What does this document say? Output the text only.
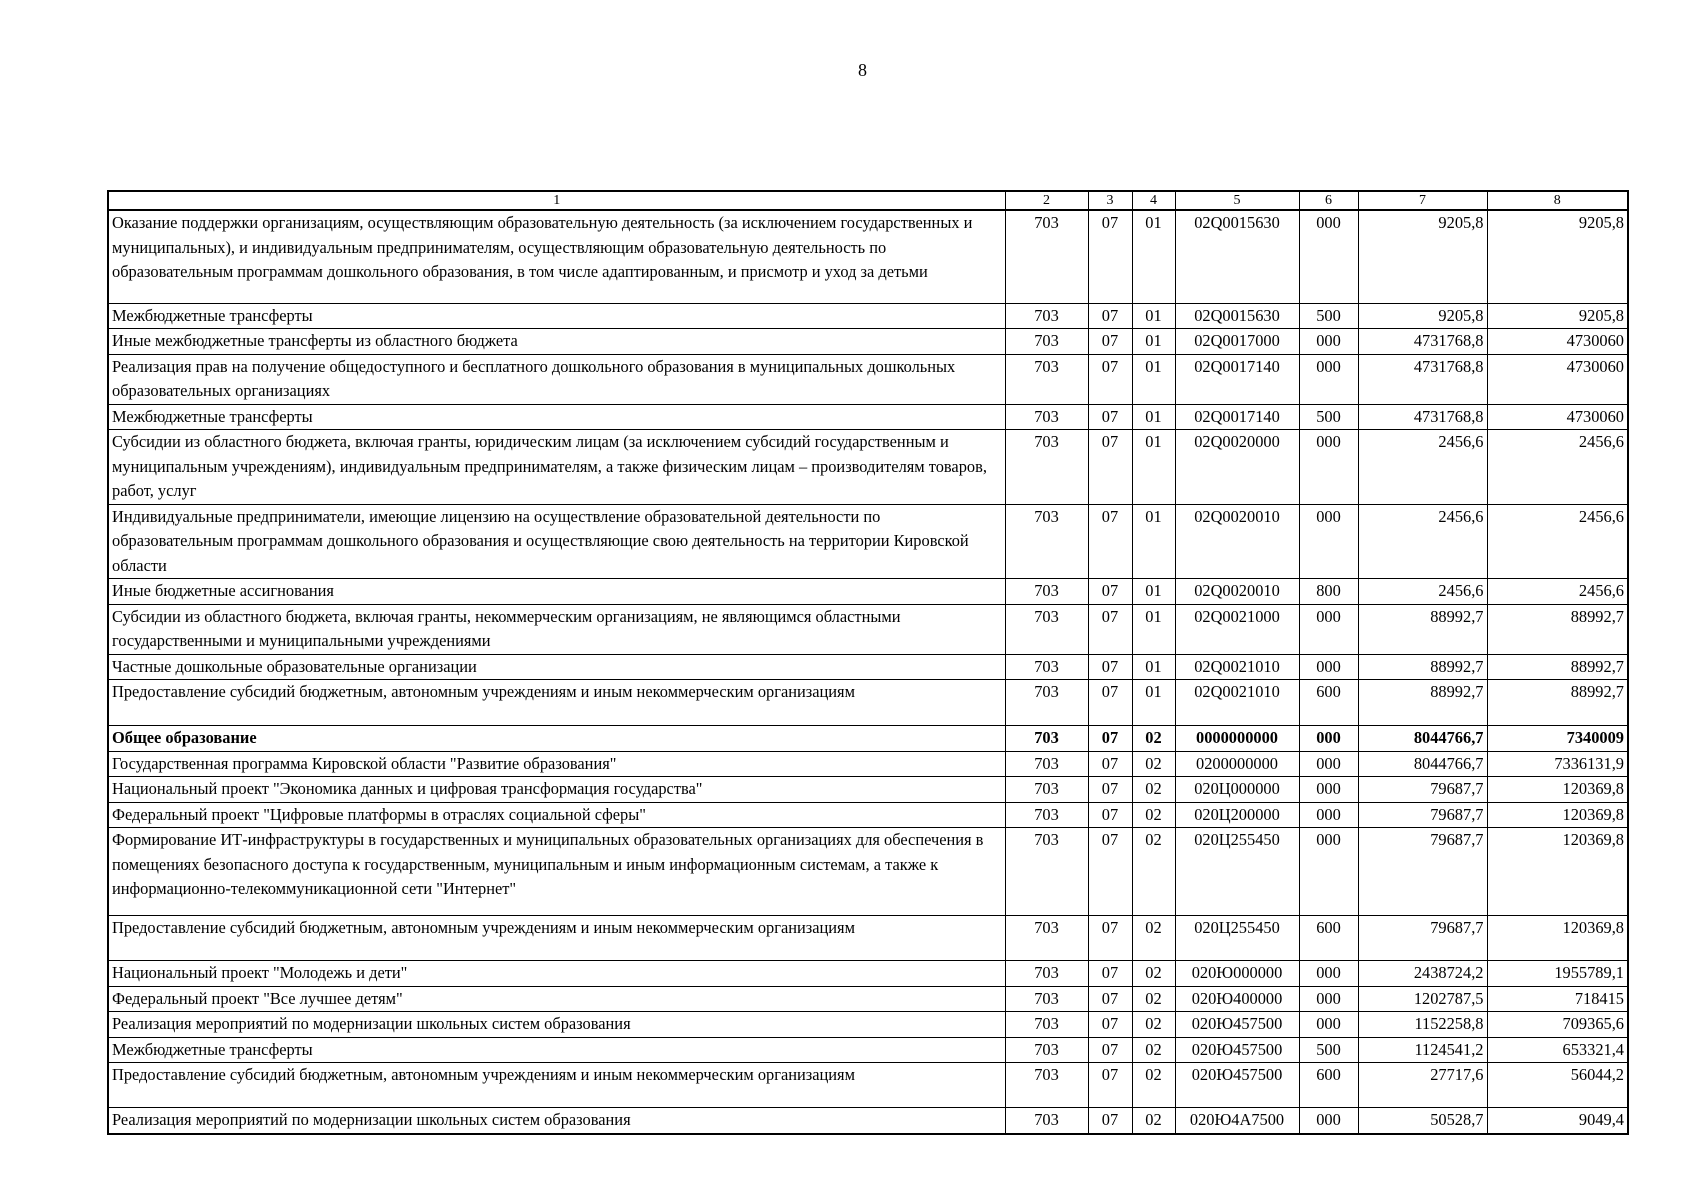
8
1	2	3	4	5	6	7	8
Оказание поддержки организациям, осуществляющим образовательную деятельность (за исключением государственных и муниципальных), и индивидуальным предпринимателям, осуществляющим образовательную деятельность по образовательным программам дошкольного образования, в том числе адаптированным, и присмотр и уход за детьми	703	07	01	02Q0015630	000	9205,8	9205,8
Межбюджетные трансферты	703	07	01	02Q0015630	500	9205,8	9205,8
Иные межбюджетные трансферты из областного бюджета	703	07	01	02Q0017000	000	4731768,8	4730060
Реализация прав на получение общедоступного и бесплатного дошкольного образования в муниципальных дошкольных образовательных организациях	703	07	01	02Q0017140	000	4731768,8	4730060
Межбюджетные трансферты	703	07	01	02Q0017140	500	4731768,8	4730060
Субсидии из областного бюджета, включая гранты, юридическим лицам (за исключением субсидий государственным и муниципальным учреждениям), индивидуальным предпринимателям, а также физическим лицам – производителям товаров, работ, услуг	703	07	01	02Q0020000	000	2456,6	2456,6
Индивидуальные предприниматели, имеющие лицензию на осуществление образовательной деятельности по образовательным программам дошкольного образования и осуществляющие свою деятельность на территории Кировской области	703	07	01	02Q0020010	000	2456,6	2456,6
Иные бюджетные ассигнования	703	07	01	02Q0020010	800	2456,6	2456,6
Субсидии из областного бюджета, включая гранты, некоммерческим организациям, не являющимся областными государственными и муниципальными учреждениями	703	07	01	02Q0021000	000	88992,7	88992,7
Частные дошкольные образовательные организации	703	07	01	02Q0021010	000	88992,7	88992,7
Предоставление субсидий бюджетным, автономным учреждениям и иным некоммерческим организациям	703	07	01	02Q0021010	600	88992,7	88992,7
Общее образование	703	07	02	0000000000	000	8044766,7	7340009
Государственная программа Кировской области "Развитие образования"	703	07	02	0200000000	000	8044766,7	7336131,9
Национальный проект "Экономика данных и цифровая трансформация государства"	703	07	02	020Ц000000	000	79687,7	120369,8
Федеральный проект "Цифровые платформы в отраслях социальной сферы"	703	07	02	020Ц200000	000	79687,7	120369,8
Формирование ИТ-инфраструктуры в государственных и муниципальных образовательных организациях для обеспечения в помещениях безопасного доступа к государственным, муниципальным и иным информационным системам, а также к информационно-телекоммуникационной сети "Интернет"	703	07	02	020Ц255450	000	79687,7	120369,8
Предоставление субсидий бюджетным, автономным учреждениям и иным некоммерческим организациям	703	07	02	020Ц255450	600	79687,7	120369,8
Национальный проект "Молодежь и дети"	703	07	02	020Ю000000	000	2438724,2	1955789,1
Федеральный проект "Все лучшее детям"	703	07	02	020Ю400000	000	1202787,5	718415
Реализация мероприятий по модернизации школьных систем образования	703	07	02	020Ю457500	000	1152258,8	709365,6
Межбюджетные трансферты	703	07	02	020Ю457500	500	1124541,2	653321,4
Предоставление субсидий бюджетным, автономным учреждениям и иным некоммерческим организациям	703	07	02	020Ю457500	600	27717,6	56044,2
Реализация мероприятий по модернизации школьных систем образования	703	07	02	020Ю4А7500	000	50528,7	9049,4
